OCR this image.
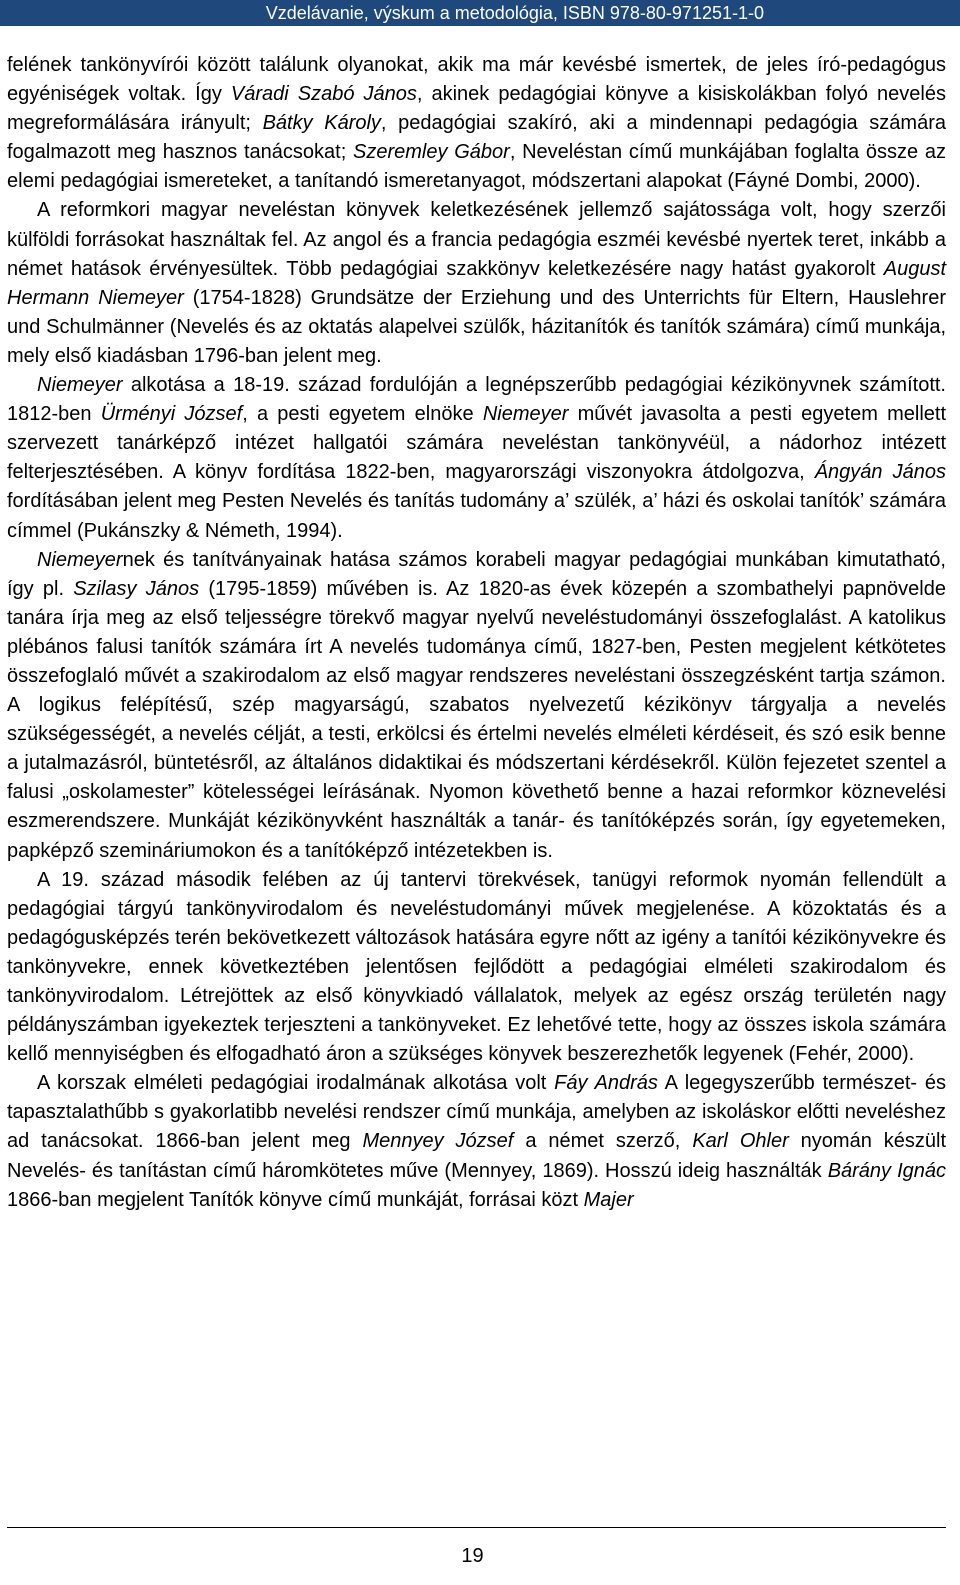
Vzdelávanie, výskum a metodológia, ISBN 978-80-971251-1-0

felének tankönyvírói között találunk olyanokat, akik ma már kevésbé ismertek, de jeles író-pedagógus egyéniségek voltak. Így Váradi Szabó János, akinek pedagógiai könyve a kisiskolákban folyó nevelés megreformálására irányult; Bátky Károly, pedagógiai szakíró, aki a mindennapi pedagógia számára fogalmazott meg hasznos tanácsokat; Szeremley Gábor, Neveléstan című munkájában foglalta össze az elemi pedagógiai ismereteket, a tanítandó ismeretanyagot, módszertani alapokat (Fáyné Dombi, 2000).

A reformkori magyar neveléstan könyvek keletkezésének jellemző sajátossága volt, hogy szerzői külföldi forrásokat használtak fel. Az angol és a francia pedagógia eszméi kevésbé nyertek teret, inkább a német hatások érvényesültek. Több pedagógiai szakkönyv keletkezésére nagy hatást gyakorolt August Hermann Niemeyer (1754-1828) Grundsätze der Erziehung und des Unterrichts für Eltern, Hauslehrer und Schulmänner (Nevelés és az oktatás alapelvei szülők, házitanítók és tanítók számára) című munkája, mely első kiadásban 1796-ban jelent meg.

Niemeyer alkotása a 18-19. század fordulóján a legnépszerűbb pedagógiai kézikönyvnek számított. 1812-ben Ürményi József, a pesti egyetem elnöke Niemeyer művét javasolta a pesti egyetem mellett szervezett tanárképző intézet hallgatói számára neveléstan tankönyvéül, a nádorhoz intézett felterjesztésében. A könyv fordítása 1822-ben, magyarországi viszonyokra átdolgozva, Ángyán János fordításában jelent meg Pesten Nevelés és tanítás tudomány a’ szülék, a’ házi és oskolai tanítók’ számára címmel (Pukánszky & Németh, 1994).

Niemeyernek és tanítványainak hatása számos korabeli magyar pedagógiai munkában kimutatható, így pl. Szilasy János (1795-1859) művében is. Az 1820-as évek közepén a szombathelyi papnövelde tanára írja meg az első teljességre törekvő magyar nyelvű neveléstudományi összefoglalást. A katolikus plébános falusi tanítók számára írt A nevelés tudománya című, 1827-ben, Pesten megjelent kétkötetes összefoglaló művét a szakirodalom az első magyar rendszeres neveléstani összegzésként tartja számon. A logikus felépítésű, szép magyarságú, szabatos nyelvezetű kézikönyv tárgyalja a nevelés szükségességét, a nevelés célját, a testi, erkölcsi és értelmi nevelés elméleti kérdéseit, és szó esik benne a jutalmazásról, büntetésről, az általános didaktikai és módszertani kérdésekről. Külön fejezetet szentel a falusi „oskolamester” kötelességei leírásának. Nyomon követhető benne a hazai reformkor köznevelési eszmerendszere. Munkáját kézikönyvként használták a tanár- és tanítóképzés során, így egyetemeken, papképző szemináriumokon és a tanítóképző intézetekben is.

A 19. század második felében az új tantervi törekvések, tanügyi reformok nyomán fellendült a pedagógiai tárgyú tankönyvirodalom és neveléstudományi művek megjelenése. A közoktatás és a pedagógusképzés terén bekövetkezett változások hatására egyre nőtt az igény a tanítói kézikönyvekre és tankönyvekre, ennek következtében jelentősen fejlődött a pedagógiai elméleti szakirodalom és tankönyvirodalom. Létrejöttek az első könyvkiadó vállalatok, melyek az egész ország területén nagy példányszámban igyekeztek terjeszteni a tankönyveket. Ez lehetővé tette, hogy az összes iskola számára kellő mennyiségben és elfogadható áron a szükséges könyvek beszerezhetők legyenek (Fehér, 2000).

A korszak elméleti pedagógiai irodalmának alkotása volt Fáy András A legegyszerűbb természet- és tapasztalathűbb s gyakorlatibb nevelési rendszer című munkája, amelyben az iskoláskor előtti neveléshez ad tanácsokat. 1866-ban jelent meg Mennyey József a német szerző, Karl Ohler nyomán készült Nevelés- és tanítástan című háromkötetes műve (Mennyey, 1869). Hosszú ideig használták Bárány Ignác 1866-ban megjelent Tanítók könyve című munkáját, forrásai közt Majer

19
